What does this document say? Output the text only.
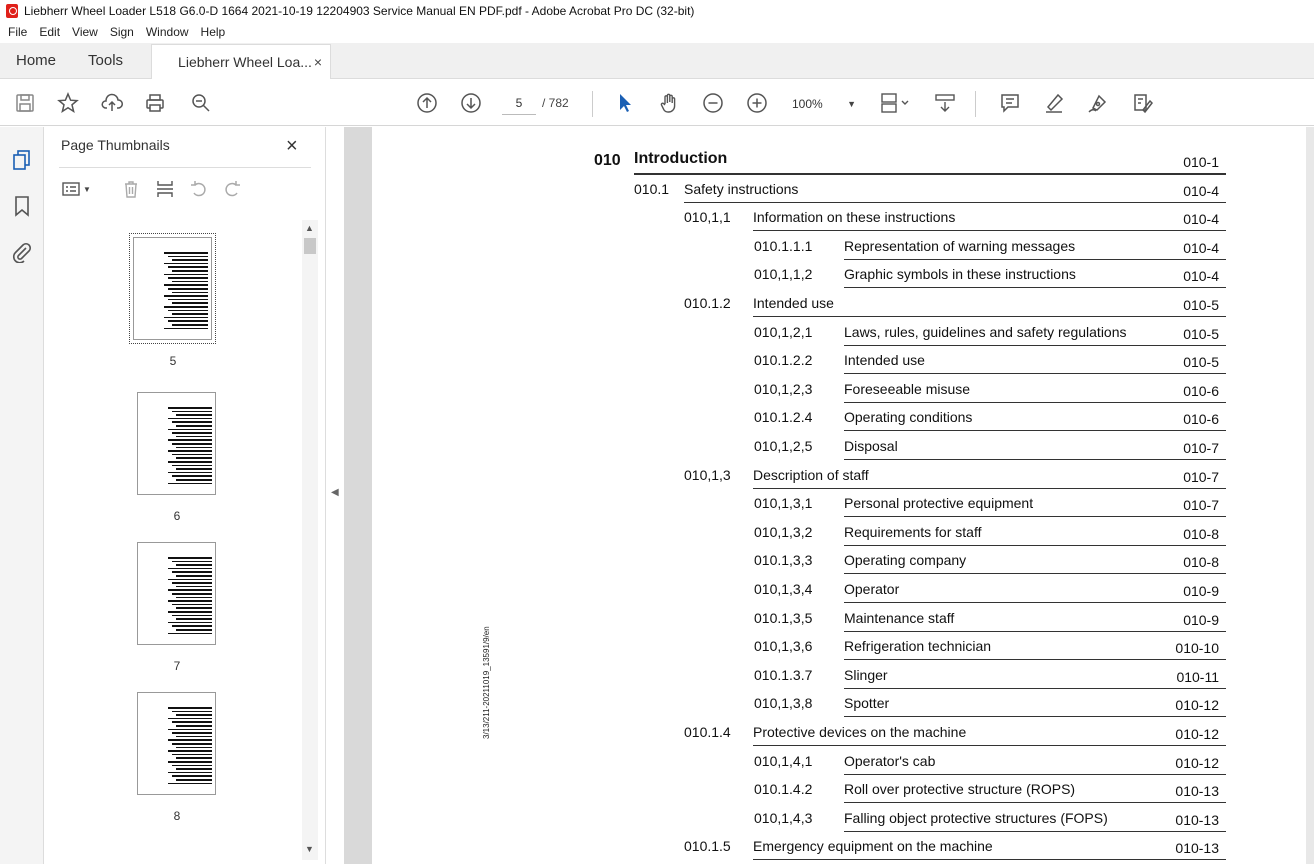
Liebherr Wheel Loader L518 G6.0-D 1664 2021-10-19 12204903 Service Manual EN PDF.pdf - Adobe Acrobat Pro DC (32-bit)
File	Edit	View	Sign	Window	Help
Home	Tools	Liebherr Wheel Loa... ×
5
/ 782	100%	▼
Page Thumbnails	×
▼
5
6
7
8
▲
▼
◀
3/13/211-20211019_13591/9/en
010 Introduction	010-1
010.1 Safety instructions	010-4
010,1,1 Information on these instructions	010-4
010.1.1.1 Representation of warning messages	010-4
010,1,1,2 Graphic symbols in these instructions	010-4
010.1.2 Intended use	010-5
010,1,2,1 Laws, rules, guidelines and safety regulations	010-5
010.1.2.2 Intended use	010-5
010,1,2,3 Foreseeable misuse	010-6
010.1.2.4 Operating conditions	010-6
010,1,2,5 Disposal	010-7
010,1,3 Description of staff	010-7
010,1,3,1 Personal protective equipment	010-7
010,1,3,2 Requirements for staff	010-8
010.1,3,3 Operating company	010-8
010,1,3,4 Operator	010-9
010.1,3,5 Maintenance staff	010-9
010,1,3,6 Refrigeration technician	010-10
010.1.3.7 Slinger	010-11
010,1,3,8 Spotter	010-12
010.1.4 Protective devices on the machine	010-12
010,1,4,1 Operator's cab	010-12
010.1.4.2 Roll over protective structure (ROPS)	010-13
010,1,4,3 Falling object protective structures (FOPS)	010-13
010.1.5 Emergency equipment on the machine	010-13
